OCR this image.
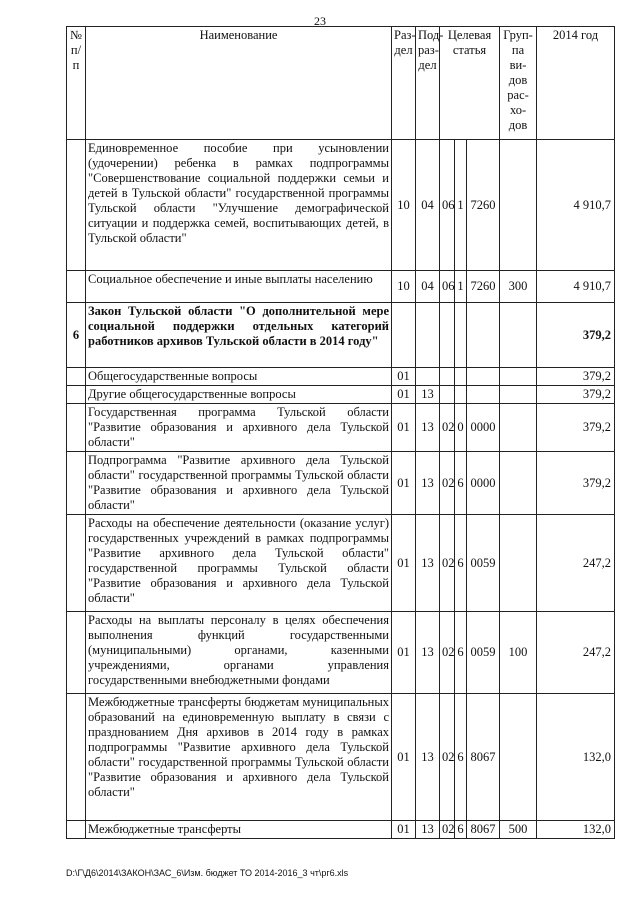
23
№ п/ п	Наименование	Раз-дел	Под-раз-дел	Целевая статья			Груп-па ви-дов рас-хо-дов	2014 год
	Единовременное пособие при усыновлении (удочерении) ребенка в рамках подпрограммы "Совершенствование социальной поддержки семьи и детей в Тульской области" государственной программы Тульской области "Улучшение демографической ситуации и поддержка семей, воспитывающих детей, в Тульской области"	10	04	06	1	7260		4 910,7
	Социальное обеспечение и иные выплаты населению	10	04	06	1	7260	300	4 910,7
6	Закон Тульской области "О дополнительной мере социальной поддержки отдельных категорий работников архивов Тульской области в 2014 году"							379,2
	Общегосударственные вопросы	01						379,2
	Другие общегосударственные вопросы	01	13					379,2
	Государственная программа Тульской области "Развитие образования и архивного дела Тульской области"	01	13	02	0	0000		379,2
	Подпрограмма "Развитие архивного дела Тульской области" государственной программы Тульской области "Развитие образования и архивного дела Тульской области"	01	13	02	6	0000		379,2
	Расходы на обеспечение деятельности (оказание услуг) государственных учреждений в рамках подпрограммы "Развитие архивного дела Тульской области" государственной программы Тульской области "Развитие образования и архивного дела Тульской области"	01	13	02	6	0059		247,2
	Расходы на выплаты персоналу в целях обеспечения выполнения функций государственными (муниципальными) органами, казенными учреждениями, органами управления государственными внебюджетными фондами	01	13	02	6	0059	100	247,2
	Межбюджетные трансферты бюджетам муниципальных образований на единовременную выплату в связи с празднованием Дня архивов в 2014 году в рамках подпрограммы "Развитие архивного дела Тульской области" государственной программы Тульской области "Развитие образования и архивного дела Тульской области"	01	13	02	6	8067		132,0
	Межбюджетные трансферты	01	13	02	6	8067	500	132,0
D:\Г\Д6\2014\ЗАКОН\ЗАС_6\Изм. бюджет ТО 2014-2016_3 чт\рг6.xls
